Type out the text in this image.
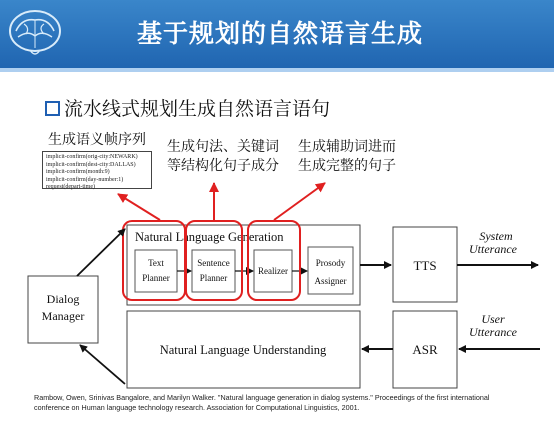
基于规划的自然语言生成
流水线式规划生成自然语言语句
生成语义帧序列 生成句法、关键词
等结构化句子成分
生成辅助词进而
生成完整的句子
implicit-confirm(orig-city:NEWARK)
implicit-confirm(dest-city:DALLAS)
implicit-confirm(month:9)
implicit-confirm(day-number:1)
request(depart-time)
Natural Language Generation
Text
Planner
Sentence
Planner
Realizer
Prosody
Assigner
TTS
System
Utterance
ASR
User
Utterance
Natural Language Understanding
Dialog
Manager
Rambow, Owen, Srinivas Bangalore, and Marilyn Walker. "Natural language generation in dialog systems." Proceedings of the first international
conference on Human language technology research. Association for Computational Linguistics, 2001.
